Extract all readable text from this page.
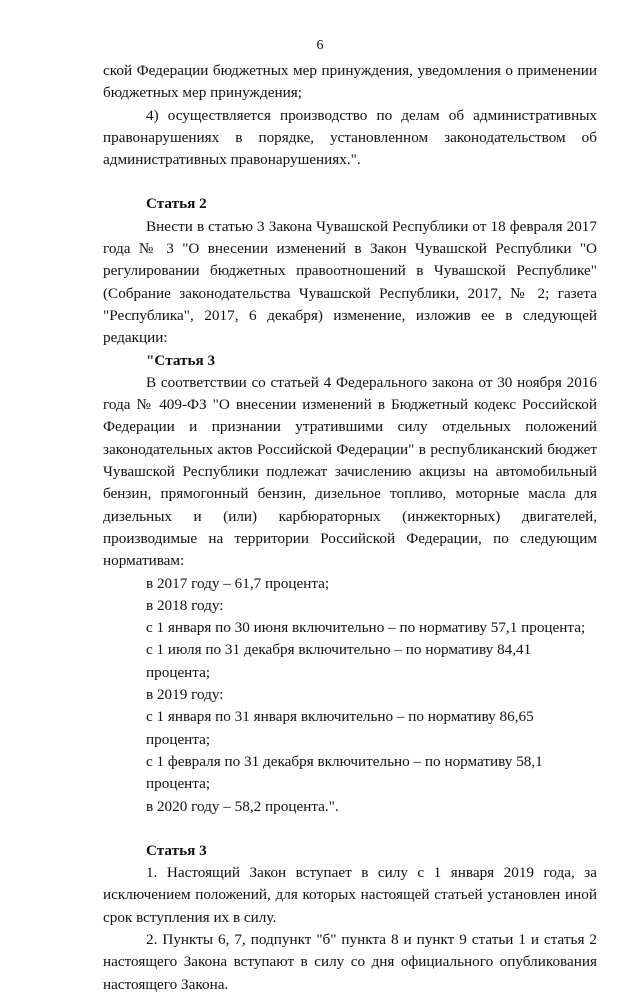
6

ской Федерации бюджетных мер принуждения, уведомления о применении бюджетных мер принуждения;

4) осуществляется производство по делам об административных правонарушениях в порядке, установленном законодательством об административных правонарушениях.".

Статья 2

Внести в статью 3 Закона Чувашской Республики от 18 февраля 2017 года № 3 "О внесении изменений в Закон Чувашской Республики "О регулировании бюджетных правоотношений в Чувашской Республике" (Собрание законодательства Чувашской Республики, 2017, № 2; газета "Республика", 2017, 6 декабря) изменение, изложив ее в следующей редакции:

"Статья 3

В соответствии со статьей 4 Федерального закона от 30 ноября 2016 года № 409-ФЗ "О внесении изменений в Бюджетный кодекс Российской Федерации и признании утратившими силу отдельных положений законодательных актов Российской Федерации" в республиканский бюджет Чувашской Республики подлежат зачислению акцизы на автомобильный бензин, прямогонный бензин, дизельное топливо, моторные масла для дизельных и (или) карбюраторных (инжекторных) двигателей, производимые на территории Российской Федерации, по следующим нормативам:

в 2017 году – 61,7 процента;

в 2018 году:

с 1 января по 30 июня включительно – по нормативу 57,1 процента;

с 1 июля по 31 декабря включительно – по нормативу 84,41 процента;

в 2019 году:

с 1 января по 31 января включительно – по нормативу 86,65 процента;

с 1 февраля по 31 декабря включительно – по нормативу 58,1 процента;

в 2020 году – 58,2 процента.".

Статья 3

1. Настоящий Закон вступает в силу с 1 января 2019 года, за исключением положений, для которых настоящей статьей установлен иной срок вступления их в силу.

2. Пункты 6, 7, подпункт "б" пункта 8 и пункт 9 статьи 1 и статья 2 настоящего Закона вступают в силу со дня официального опубликования настоящего Закона.
